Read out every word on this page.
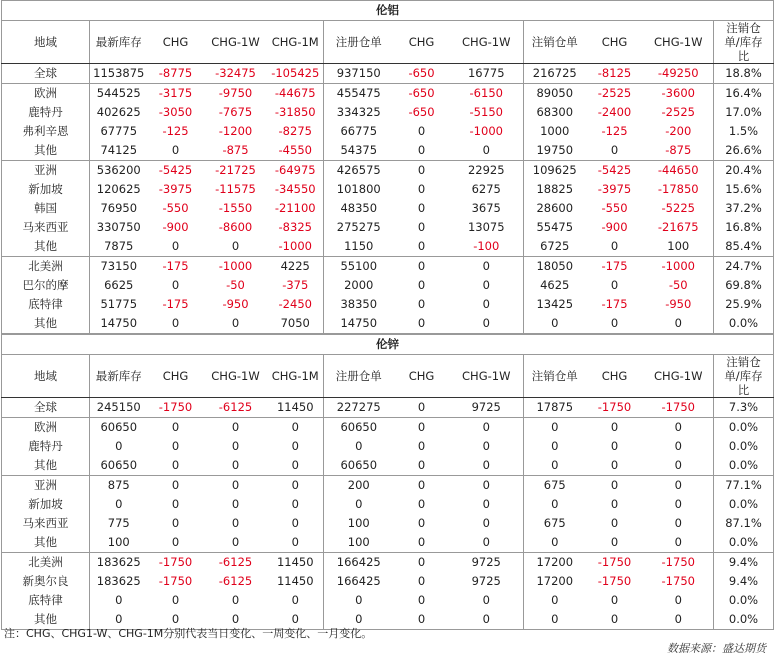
伦铝											
地域	最新库存	CHG	CHG-1W	CHG-1M	注册仓单	CHG	CHG-1W	注销仓单	CHG	CHG-1W	注销仓单/库存比
全球	1153875	-8775	-32475	-105425	937150	-650	16775	216725	-8125	-49250	18.8%
欧洲	544525	-3175	-9750	-44675	455475	-650	-6150	89050	-2525	-3600	16.4%
鹿特丹	402625	-3050	-7675	-31850	334325	-650	-5150	68300	-2400	-2525	17.0%
弗利辛恩	67775	-125	-1200	-8275	66775	0	-1000	1000	-125	-200	1.5%
其他	74125	0	-875	-4550	54375	0	0	19750	0	-875	26.6%
亚洲	536200	-5425	-21725	-64975	426575	0	22925	109625	-5425	-44650	20.4%
新加坡	120625	-3975	-11575	-34550	101800	0	6275	18825	-3975	-17850	15.6%
韩国	76950	-550	-1550	-21100	48350	0	3675	28600	-550	-5225	37.2%
马来西亚	330750	-900	-8600	-8325	275275	0	13075	55475	-900	-21675	16.8%
其他	7875	0	0	-1000	1150	0	-100	6725	0	100	85.4%
北美洲	73150	-175	-1000	4225	55100	0	0	18050	-175	-1000	24.7%
巴尔的摩	6625	0	-50	-375	2000	0	0	4625	0	-50	69.8%
底特律	51775	-175	-950	-2450	38350	0	0	13425	-175	-950	25.9%
其他	14750	0	0	7050	14750	0	0	0	0	0	0.0%
伦锌											
地域	最新库存	CHG	CHG-1W	CHG-1M	注册仓单	CHG	CHG-1W	注销仓单	CHG	CHG-1W	注销仓单/库存比
全球	245150	-1750	-6125	11450	227275	0	9725	17875	-1750	-1750	7.3%
欧洲	60650	0	0	0	60650	0	0	0	0	0	0.0%
鹿特丹	0	0	0	0	0	0	0	0	0	0	0.0%
其他	60650	0	0	0	60650	0	0	0	0	0	0.0%
亚洲	875	0	0	0	200	0	0	675	0	0	77.1%
新加坡	0	0	0	0	0	0	0	0	0	0	0.0%
马来西亚	775	0	0	0	100	0	0	675	0	0	87.1%
其他	100	0	0	0	100	0	0	0	0	0	0.0%
北美洲	183625	-1750	-6125	11450	166425	0	9725	17200	-1750	-1750	9.4%
新奥尔良	183625	-1750	-6125	11450	166425	0	9725	17200	-1750	-1750	9.4%
底特律	0	0	0	0	0	0	0	0	0	0	0.0%
其他	0	0	0	0	0	0	0	0	0	0	0.0%
注：CHG、CHG1-W、CHG-1M分别代表当日变化、一周变化、一月变化。
数据来源：盛达期货
